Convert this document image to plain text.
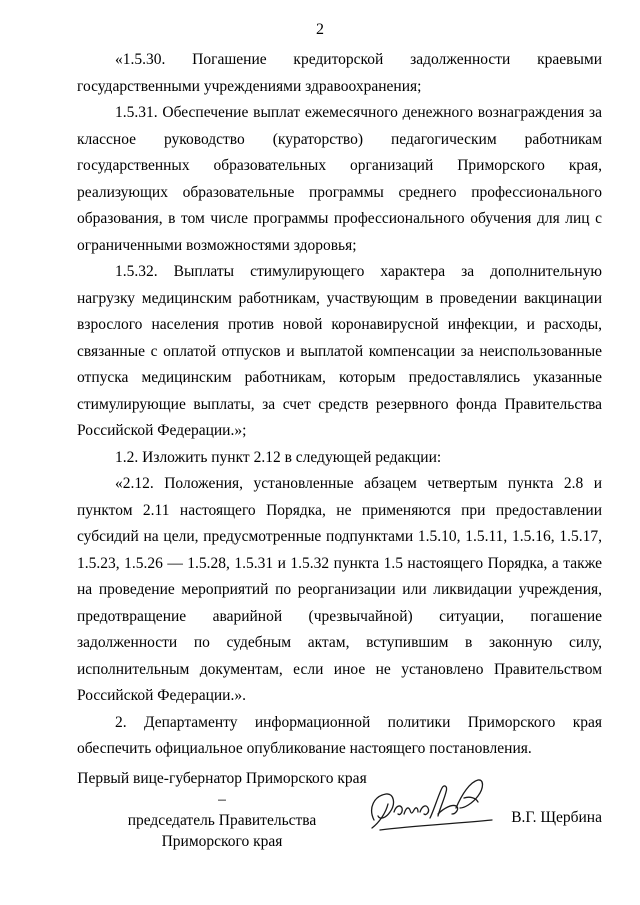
2

«1.5.30. Погашение кредиторской задолженности краевыми государственными учреждениями здравоохранения;

1.5.31. Обеспечение выплат ежемесячного денежного вознаграждения за классное руководство (кураторство) педагогическим работникам государственных образовательных организаций Приморского края, реализующих образовательные программы среднего профессионального образования, в том числе программы профессионального обучения для лиц с ограниченными возможностями здоровья;

1.5.32. Выплаты стимулирующего характера за дополнительную нагрузку медицинским работникам, участвующим в проведении вакцинации взрослого населения против новой коронавирусной инфекции, и расходы, связанные с оплатой отпусков и выплатой компенсации за неиспользованные отпуска медицинским работникам, которым предоставлялись указанные стимулирующие выплаты, за счет средств резервного фонда Правительства Российской Федерации.»;

1.2. Изложить пункт 2.12 в следующей редакции:

«2.12. Положения, установленные абзацем четвертым пункта 2.8 и пунктом 2.11 настоящего Порядка, не применяются при предоставлении субсидий на цели, предусмотренные подпунктами 1.5.10, 1.5.11, 1.5.16, 1.5.17, 1.5.23, 1.5.26 — 1.5.28, 1.5.31 и 1.5.32 пункта 1.5 настоящего Порядка, а также на проведение мероприятий по реорганизации или ликвидации учреждения, предотвращение аварийной (чрезвычайной) ситуации, погашение задолженности по судебным актам, вступившим в законную силу, исполнительным документам, если иное не установлено Правительством Российской Федерации.».

2. Департаменту информационной политики Приморского края обеспечить официальное опубликование настоящего постановления.

Первый вице-губернатор Приморского края –
председатель Правительства
Приморского края
В.Г. Щербина
